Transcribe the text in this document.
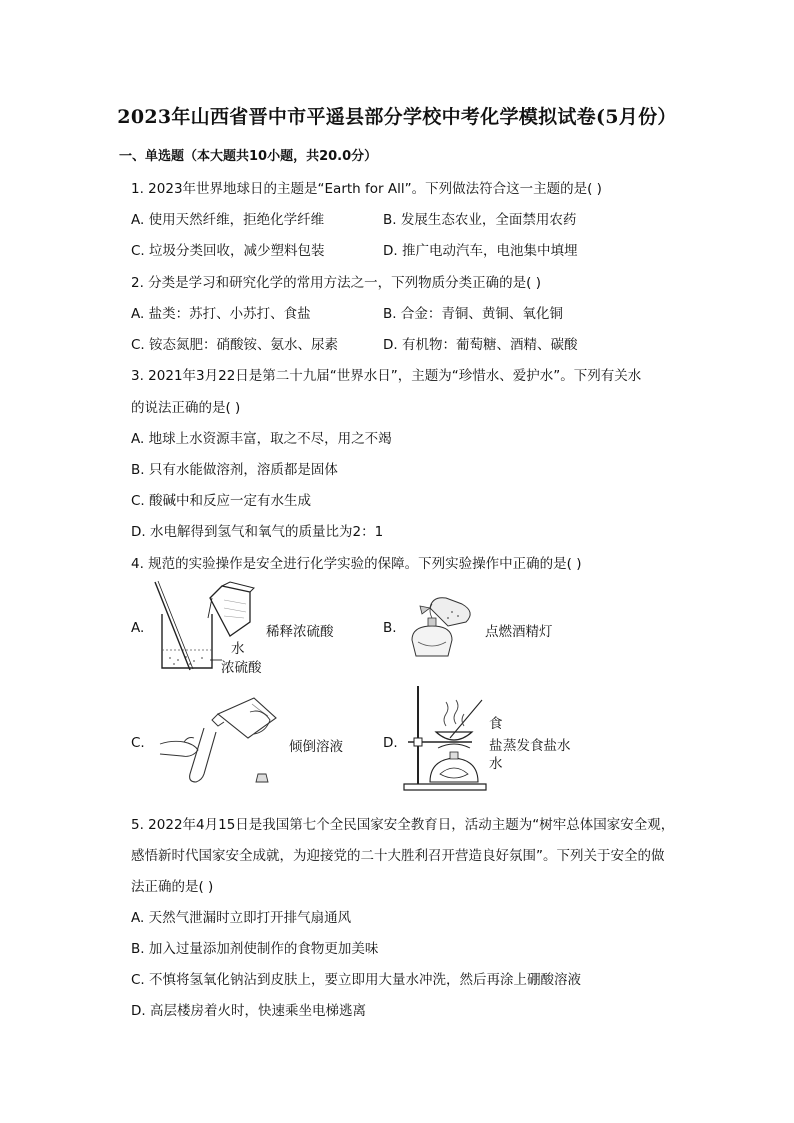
2023年山西省晋中市平遥县部分学校中考化学模拟试卷(5月份）
一、单选题（本大题共10小题，共20.0分）
1. 2023年世界地球日的主题是“Earth for All”。下列做法符合这一主题的是( )
A. 使用天然纤维，拒绝化学纤维	B. 发展生态农业，全面禁用农药
C. 垃圾分类回收，减少塑料包装	D. 推广电动汽车，电池集中填埋
2. 分类是学习和研究化学的常用方法之一，下列物质分类正确的是( )
A. 盐类：苏打、小苏打、食盐	B. 合金：青铜、黄铜、氧化铜
C. 铵态氮肥：硝酸铵、氨水、尿素	D. 有机物：葡萄糖、酒精、碳酸
3. 2021年3月22日是第二十九届“世界水日”，主题为“珍惜水、爱护水”。下列有关水
的说法正确的是( )
A. 地球上水资源丰富，取之不尽，用之不竭
B. 只有水能做溶剂，溶质都是固体
C. 酸碱中和反应一定有水生成
D. 水电解得到氢气和氧气的质量比为2：1
4. 规范的实验操作是安全进行化学实验的保障。下列实验操作中正确的是( )
A.
水
浓硫酸
稀释浓硫酸	B.	点燃酒精灯
C.	倾倒溶液	D.
食
盐 蒸发食盐水
水
5. 2022年4月15日是我国第七个全民国家安全教育日，活动主题为“树牢总体国家安全观，
感悟新时代国家安全成就，为迎接党的二十大胜利召开营造良好氛围”。下列关于安全的做
法正确的是( )
A. 天然气泄漏时立即打开排气扇通风
B. 加入过量添加剂使制作的食物更加美味
C. 不慎将氢氧化钠沾到皮肤上，要立即用大量水冲洗，然后再涂上硼酸溶液
D. 高层楼房着火时，快速乘坐电梯逃离
